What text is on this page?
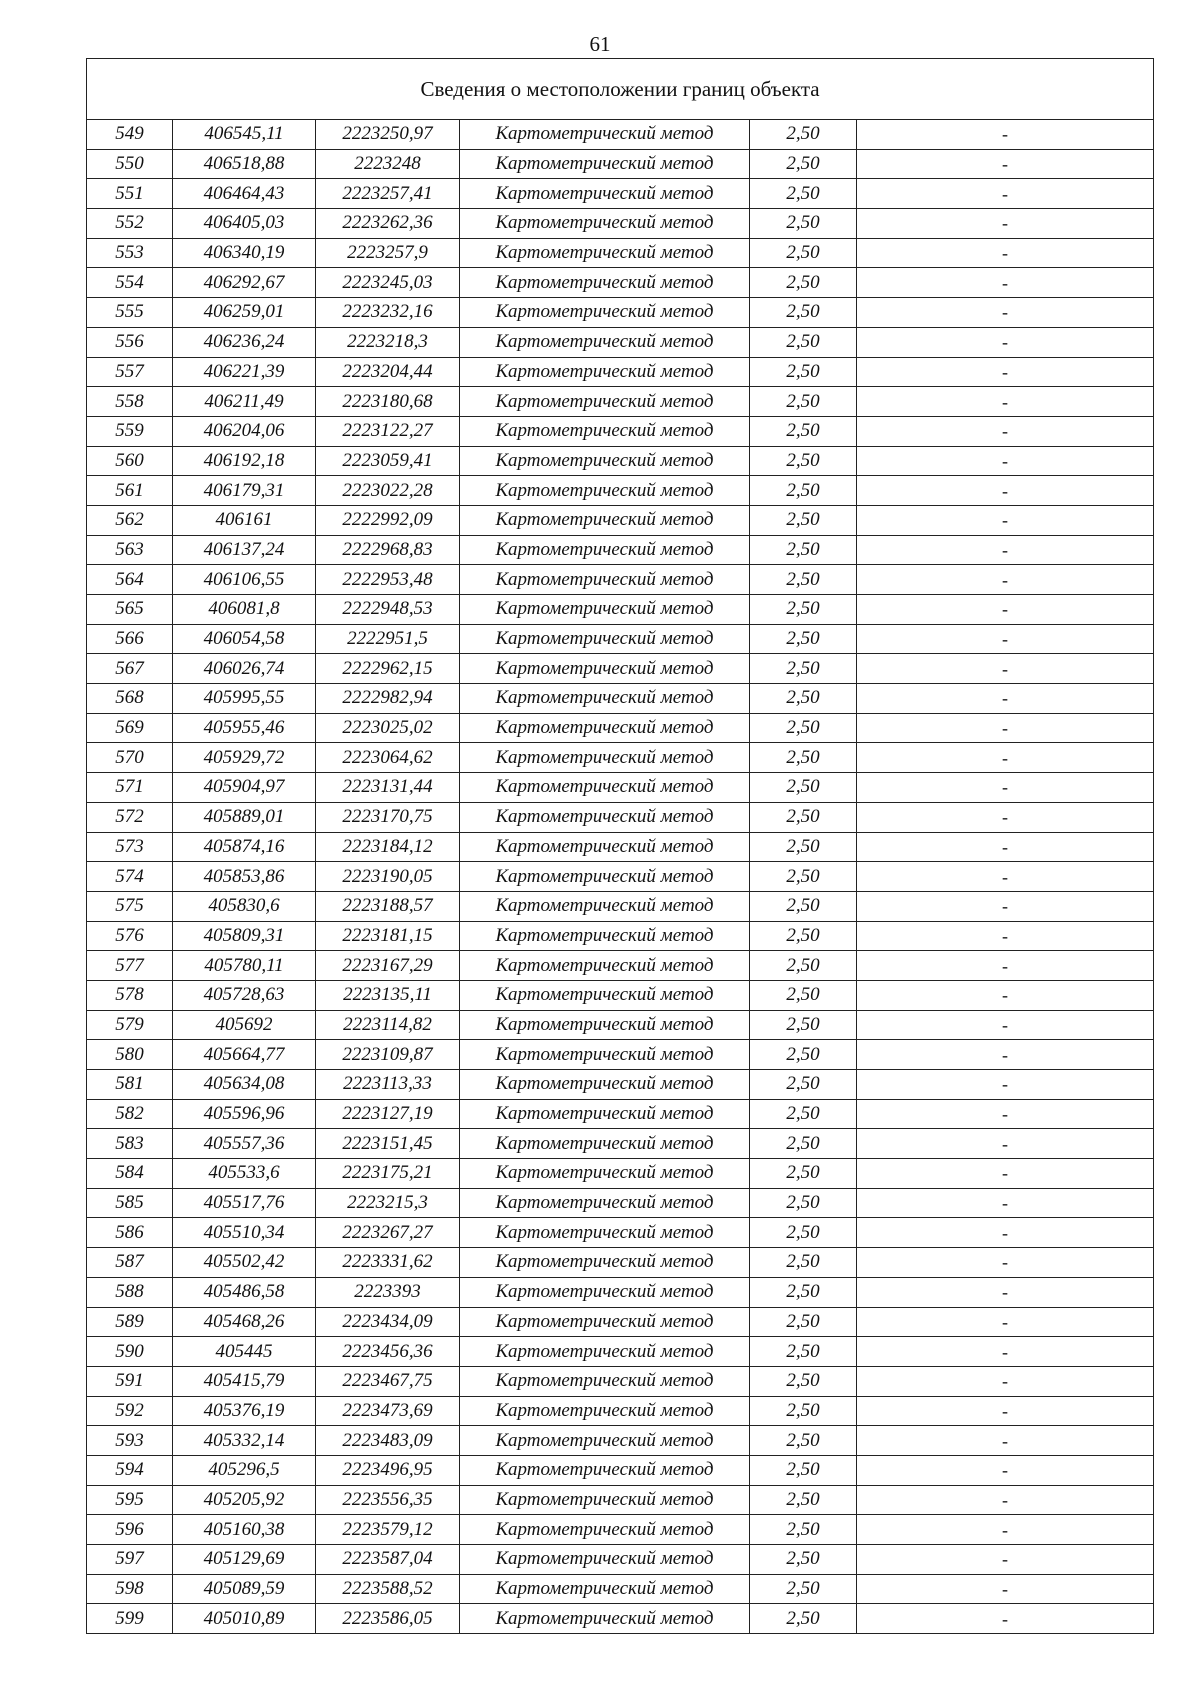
61
Сведения о местоположении границ объекта					
549	406545,11	2223250,97	Картометрический метод	2,50	-
550	406518,88	2223248	Картометрический метод	2,50	-
551	406464,43	2223257,41	Картометрический метод	2,50	-
552	406405,03	2223262,36	Картометрический метод	2,50	-
553	406340,19	2223257,9	Картометрический метод	2,50	-
554	406292,67	2223245,03	Картометрический метод	2,50	-
555	406259,01	2223232,16	Картометрический метод	2,50	-
556	406236,24	2223218,3	Картометрический метод	2,50	-
557	406221,39	2223204,44	Картометрический метод	2,50	-
558	406211,49	2223180,68	Картометрический метод	2,50	-
559	406204,06	2223122,27	Картометрический метод	2,50	-
560	406192,18	2223059,41	Картометрический метод	2,50	-
561	406179,31	2223022,28	Картометрический метод	2,50	-
562	406161	2222992,09	Картометрический метод	2,50	-
563	406137,24	2222968,83	Картометрический метод	2,50	-
564	406106,55	2222953,48	Картометрический метод	2,50	-
565	406081,8	2222948,53	Картометрический метод	2,50	-
566	406054,58	2222951,5	Картометрический метод	2,50	-
567	406026,74	2222962,15	Картометрический метод	2,50	-
568	405995,55	2222982,94	Картометрический метод	2,50	-
569	405955,46	2223025,02	Картометрический метод	2,50	-
570	405929,72	2223064,62	Картометрический метод	2,50	-
571	405904,97	2223131,44	Картометрический метод	2,50	-
572	405889,01	2223170,75	Картометрический метод	2,50	-
573	405874,16	2223184,12	Картометрический метод	2,50	-
574	405853,86	2223190,05	Картометрический метод	2,50	-
575	405830,6	2223188,57	Картометрический метод	2,50	-
576	405809,31	2223181,15	Картометрический метод	2,50	-
577	405780,11	2223167,29	Картометрический метод	2,50	-
578	405728,63	2223135,11	Картометрический метод	2,50	-
579	405692	2223114,82	Картометрический метод	2,50	-
580	405664,77	2223109,87	Картометрический метод	2,50	-
581	405634,08	2223113,33	Картометрический метод	2,50	-
582	405596,96	2223127,19	Картометрический метод	2,50	-
583	405557,36	2223151,45	Картометрический метод	2,50	-
584	405533,6	2223175,21	Картометрический метод	2,50	-
585	405517,76	2223215,3	Картометрический метод	2,50	-
586	405510,34	2223267,27	Картометрический метод	2,50	-
587	405502,42	2223331,62	Картометрический метод	2,50	-
588	405486,58	2223393	Картометрический метод	2,50	-
589	405468,26	2223434,09	Картометрический метод	2,50	-
590	405445	2223456,36	Картометрический метод	2,50	-
591	405415,79	2223467,75	Картометрический метод	2,50	-
592	405376,19	2223473,69	Картометрический метод	2,50	-
593	405332,14	2223483,09	Картометрический метод	2,50	-
594	405296,5	2223496,95	Картометрический метод	2,50	-
595	405205,92	2223556,35	Картометрический метод	2,50	-
596	405160,38	2223579,12	Картометрический метод	2,50	-
597	405129,69	2223587,04	Картометрический метод	2,50	-
598	405089,59	2223588,52	Картометрический метод	2,50	-
599	405010,89	2223586,05	Картометрический метод	2,50	-
